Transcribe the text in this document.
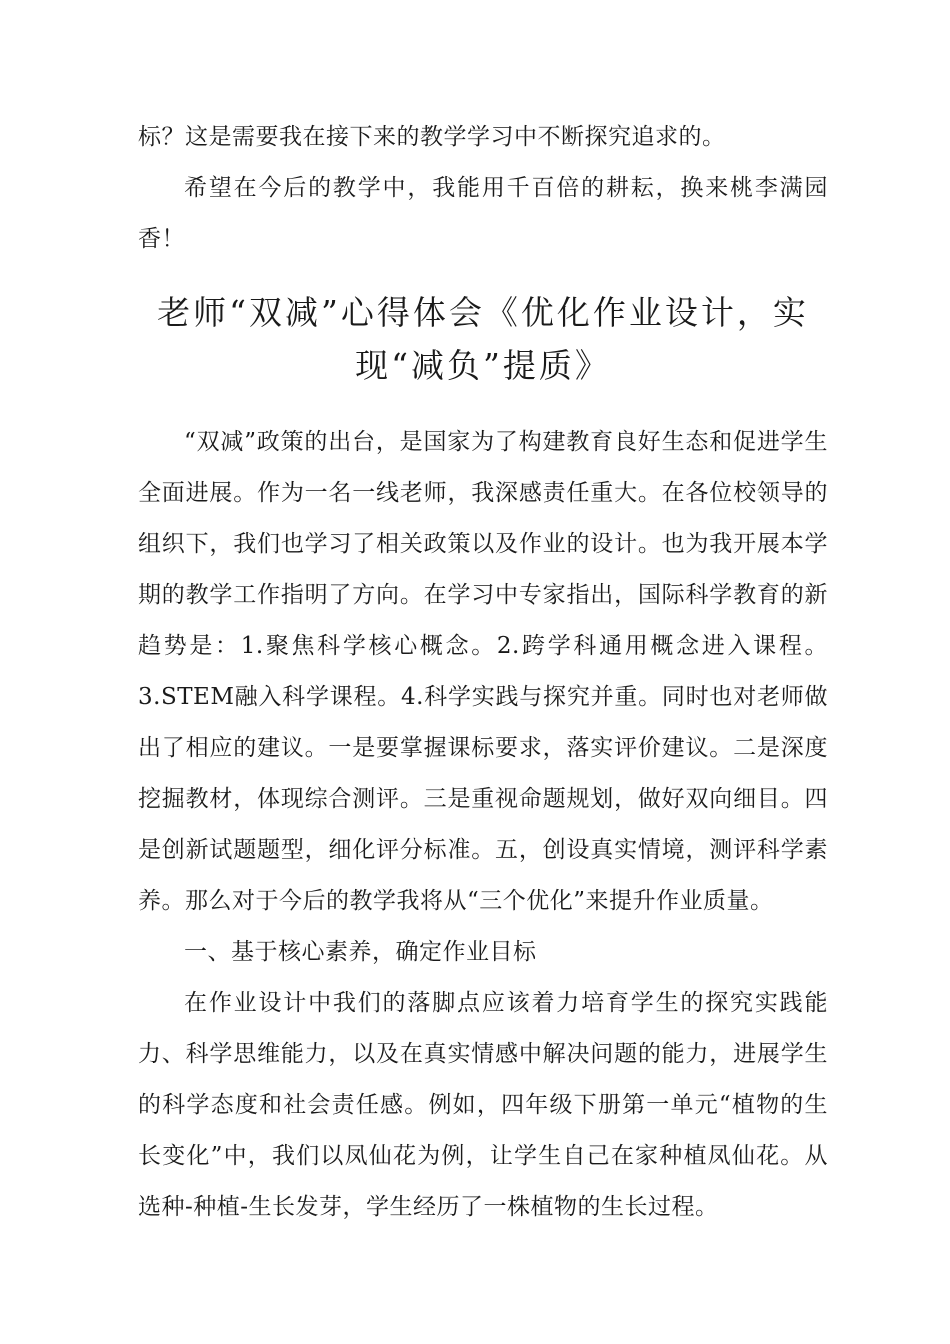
标？这是需要我在接下来的教学学习中不断探究追求的。

希望在今后的教学中，我能用千百倍的耕耘，换来桃李满园香！

老师“双减”心得体会《优化作业设计，实
现“减负”提质》

“双减”政策的出台，是国家为了构建教育良好生态和促进学生全面进展。作为一名一线老师，我深感责任重大。在各位校领导的组织下，我们也学习了相关政策以及作业的设计。也为我开展本学期的教学工作指明了方向。在学习中专家指出，国际科学教育的新趋势是：1.聚焦科学核心概念。2.跨学科通用概念进入课程。3.STEM融入科学课程。4.科学实践与探究并重。同时也对老师做出了相应的建议。一是要掌握课标要求，落实评价建议。二是深度挖掘教材，体现综合测评。三是重视命题规划，做好双向细目。四是创新试题题型，细化评分标准。五，创设真实情境，测评科学素养。那么对于今后的教学我将从“三个优化”来提升作业质量。

一、基于核心素养，确定作业目标

在作业设计中我们的落脚点应该着力培育学生的探究实践能力、科学思维能力，以及在真实情感中解决问题的能力，进展学生的科学态度和社会责任感。例如，四年级下册第一单元“植物的生长变化”中，我们以凤仙花为例，让学生自己在家种植凤仙花。从选种-种植-生长发芽，学生经历了一株植物的生长过程。
